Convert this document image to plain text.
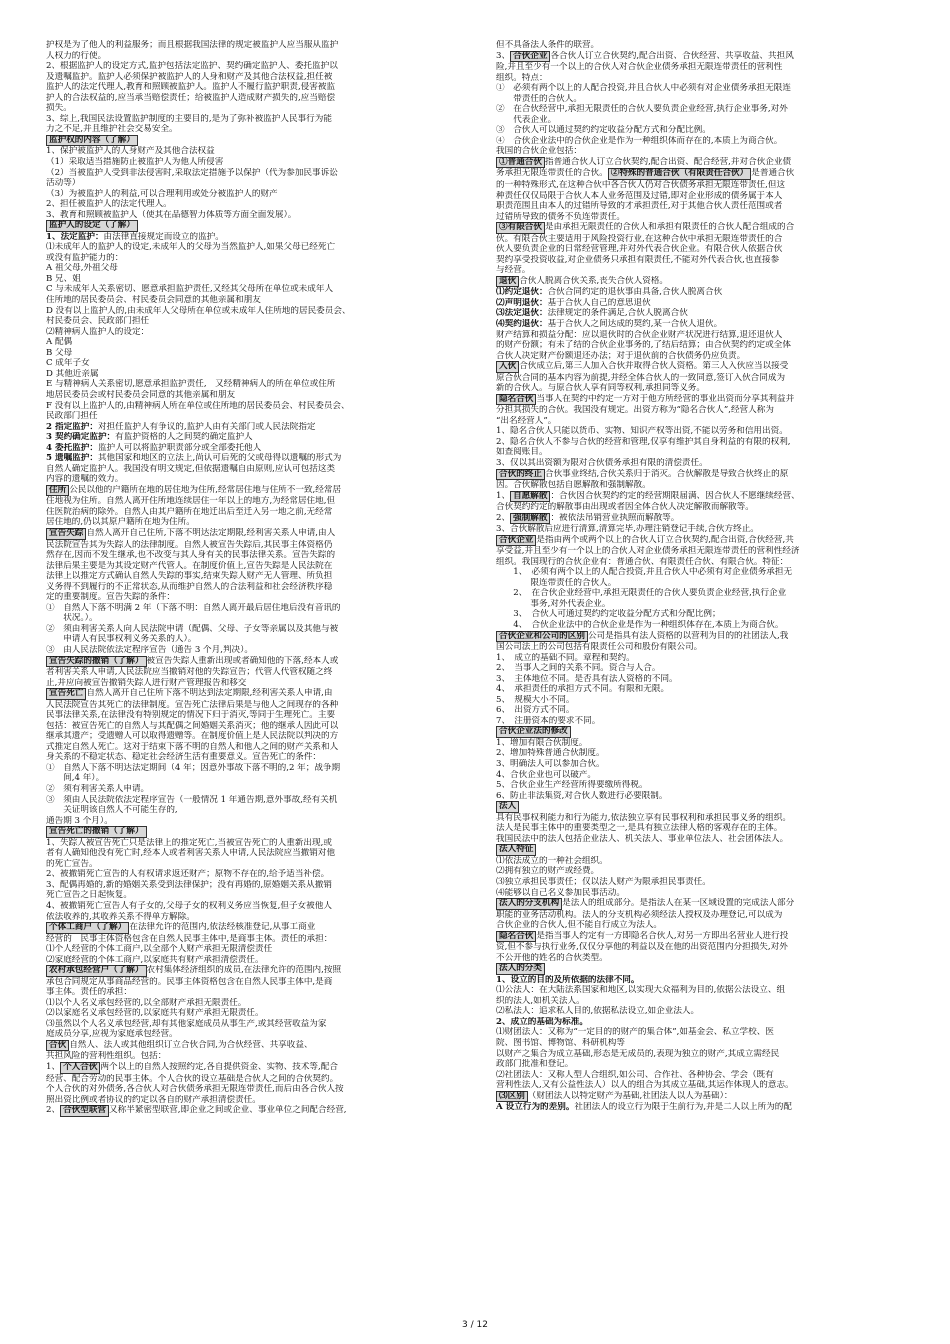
护权是为了他人的利益服务；而且根据我国法律的规定被监护人应当服从监护
人权力的行使。
2、根据监护人的设定方式,监护包括法定监护、契约确定监护人、委托监护以
及遗嘱监护。监护人必须保护被监护人的人身和财产及其他合法权益,担任被
监护人的法定代理人,教育和照顾被监护人。监护人不履行监护职责,侵害被监
护人的合法权益的,应当承当赔偿责任；给被监护人造成财产损失的,应当赔偿
损失。
3、综上,我国民法设置监护制度的主要目的,是为了弥补被监护人民事行为能
力之不足,并且维护社会交易安全。
监护权的内容（了解）
1、保护被监护人的人身财产及其他合法权益
（1）采取适当措施防止被监护人为他人所侵害
（2）当被监护人受到非法侵害时,采取法定措施予以保护（代为参加民事诉讼
活动等）
（3）为被监护人的利益,可以合理利用或处分被监护人的财产
2、担任被监护人的法定代理人。
3、教育和照顾被监护人（使其在品德智力体质等方面全面发展）。
监护人的设定（了解）
1、法定监护：由法律直接规定而设立的监护。
⑴未成年人的监护人的设定,未成年人的父母为当然监护人,如果父母已经死亡
或没有监护能力的：
A 祖父母,外祖父母
B 兄、姐
C 与未成年人关系密切、愿意承担监护责任,又经其父母所在单位或未成年人
住所地的居民委员会、村民委员会同意的其他亲属和朋友
D 没有以上监护人的,由未成年人父母所在单位或未成年人住所地的居民委员会、
村民委员会、民政部门担任
⑵精神病人监护人的设定：
A 配偶
B 父母
C 成年子女
D 其他近亲属
E 与精神病人关系密切,愿意承担监护责任,　又经精神病人的所在单位或住所
地居民委员会或村民委员会同意的其他亲属和朋友
F 没有以上监护人的,由精神病人所在单位或住所地的居民委员会、村民委员会、
民政部门担任
2 指定监护：对担任监护人有争议的,监护人由有关部门或人民法院指定
3 契约确定监护：有监护资格的人之间契约确定监护人
4 委托监护：监护人可以将监护职责部分或全部委托他人
5 遗嘱监护：其他国家和地区的立法上,尚认可后死的父或母得以遗嘱的形式为
自然人确定监护人。我国没有明文规定,但依据遗嘱自由原则,应认可包括这类
内容的遗嘱的效力。
住所 公民以他的户籍所在地的居住地为住所,经常居住地与住所不一致,经常居
住地视为住所。自然人离开住所地连续居住一年以上的地方,为经常居住地,但
住医院治病的除外。自然人由其户籍所在地迁出后至迁入另一地之前,无经常
居住地的,仍以其原户籍所在地为住所。
宣告失踪 自然人离开自己住所,下落不明达法定期限,经利害关系人申请,由人
民法院宣告其为失踪人的法律制度。自然人被宣告失踪后,其民事主体资格仍
然存在,因而不发生继承,也不改变与其人身有关的民事法律关系。宣告失踪的
法律后果主要是为其设定财产代管人。在制度价值上,宣告失踪是人民法院在
法律上以推定方式确认自然人失踪的事实,结束失踪人财产无人管理、所负担
义务得不到履行的不正常状态,从而维护自然人的合法利益和社会经济秩序稳
定的重要制度。宣告失踪的条件：
①　自然人下落不明满 2 年（下落不明：自然人离开最后居住地后没有音讯的
　　状况。）。
②　须由利害关系人向人民法院申请（配偶、父母、子女等亲属以及其他与被
　　申请人有民事权利义务关系的人）。
③　由人民法院依法定程序宣告（通告 3 个月,判决）。
宣告失踪的撤销（了解） 被宣告失踪人重新出现或者确知他的下落,经本人或
者利害关系人申请,人民法院应当撤销对他的失踪宣告；代管人代管权随之终
止,并应向被宣告撤销失踪人进行财产管理报告和移交
宣告死亡 自然人离开自己住所下落不明达到法定期限,经利害关系人申请,由
人民法院宣告其死亡的法律制度。宣告死亡法律后果是与他人之间现存的各种
民事法律关系,在法律没有特别规定的情况下归于消灭,等同于生理死亡。主要
包括：被宣告死亡的自然人与其配偶之间婚姻关系消灭；他的继承人因此可以
继承其遗产；受遗赠人可以取得遗赠等。在制度价值上是人民法院以判决的方
式推定自然人死亡。这对于结束下落不明的自然人和他人之间的财产关系和人
身关系的不稳定状态、稳定社会经济生活有重要意义。宣告死亡的条件：
①　自然人下落不明达法定期间（4 年；因意外事故下落不明的,2 年；战争期
　　间,4 年）。
②　须有利害关系人申请。
③　须由人民法院依法定程序宣告（一般情况 1 年通告期,意外事故,经有关机
　　关证明该自然人不可能生存的,
通告期 3 个月）。
宣告死亡的撤销（了解）
1、失踪人被宣告死亡只是法律上的推定死亡,当被宣告死亡的人重新出现,或
者有人确知他没有死亡时,经本人或者利害关系人申请,人民法院应当撤销对他
的死亡宣告。
2、被撤销死亡宣告的人有权请求返还财产；原物不存在的,给予适当补偿。
3、配偶再婚的,新的婚姻关系受到法律保护；没有再婚的,原婚姻关系从撤销
死亡宣告之日起恢复。
4、被撤销死亡宣告人有子女的,父母子女的权利义务应当恢复,但子女被他人
依法收养的,其收养关系不得单方解除。
个体工商户（了解） 在法律允许的范围内,依法经核准登记,从事工商业
经营的　民事主体资格包含在自然人民事主体中,是商事主体。责任的承担：
⑴个人经营的个体工商户,以全部个人财产承担无限清偿责任
⑵家庭经营的个体工商户,以家庭共有财产承担清偿责任。
农村承包经营户（了解） 农村集体经济组织的成员,在法律允许的范围内,按照
承包合同规定从事商品经营的。民事主体资格包含在自然人民事主体中,是商
事主体。责任的承担：
⑴以个人名义承包经营的,以全部财产承担无限责任。
⑵以家庭名义承包经营的,以家庭共有财产承担无限责任。
⑶虽然以个人名义承包经营,却有其他家庭成员从事生产,或其经营收益为家
庭成员分享,应视为家庭承包经营。
合伙 自然人、法人或其他组织订立合伙合同,为合伙经营、共享收益、
共担风险的营利性组织。包括：
1、 个人合伙 两个以上的自然人按照约定,各自提供资金、实物、技术等,配合
经营、配合劳动的民事主体。个人合伙的设立基础是合伙人之间的合伙契约。
个人合伙的对外债务,各合伙人对合伙债务承担无限连带责任,而后由各合伙人按
照出资比例或者协议的约定以各自的财产承担清偿责任。
2、 合伙型联营 又称半紧密型联营,即企业之间或企业、事业单位之间配合经营,
但不具备法人条件的联营。
3、 合伙企业 各合伙人订立合伙契约,配合出资、合伙经营、共享收益、共担风
险,并且至少有一个以上的合伙人对合伙企业债务承担无限连带责任的营利性
组织。特点：
①　必须有两个以上的人配合投资,并且合伙人中必须有对企业债务承担无限连
　　带责任的合伙人。
②　在合伙经营中,承担无限责任的合伙人要负责企业经营,执行企业事务,对外
　　代表企业。
③　合伙人可以通过契约约定收益分配方式和分配比例。
④　合伙企业法中的合伙企业是作为一种组织体而存在的,本质上为商合伙。
我国的合伙企业包括：
①普通合伙 指普通合伙人订立合伙契约,配合出资、配合经营,并对合伙企业债
务承担无限连带责任的合伙。 ②特殊的普通合伙（有限责任合伙） 是普通合伙
的一种特殊形式,在这种合伙中各合伙人仍对合伙债务承担无限连带责任,但这
种责任仅仅局限于合伙人本人业务范围及过错,即对企业形成的债务属于本人
职责范围且由本人的过错所导致的才承担责任,对于其他合伙人责任范围或者
过错所导致的债务不负连带责任。
③有限合伙 是由承担无限责任的合伙人和承担有限责任的合伙人配合组成的合
伙。有限合伙主要适用于风险投资行业,在这种合伙中承担无限连带责任的合
伙人要负责企业的日常经营管理,并对外代表合伙企业。有限合伙人依据合伙
契约享受投资收益,对企业债务只承担有限责任,不能对外代表合伙,也直接参
与经营。
退伙 合伙人脱离合伙关系,丧失合伙人资格。
⑴约定退伙：合伙合同约定的退伙事由具备,合伙人脱离合伙
⑵声明退伙：基于合伙人自己的意思退伙
⑶法定退伙：法律规定的条件满足,合伙人脱离合伙
⑷契约退伙：基于合伙人之间达成的契约,某一合伙人退伙。
财产结算和损益分配：应以退伙时的合伙企业财产状况进行结算,退还退伙人
的财产份额；有未了结的合伙企业事务的,了结后结算；由合伙契约约定或全体
合伙人决定财产份额退还办法；对于退伙前的合伙债务仍应负责。
入伙 合伙成立后,第三人加入合伙并取得合伙人资格。第三人入伙应当以接受
原合伙合同的基本内容为前提,并经全体合伙人的一致同意,签订入伙合同成为
新的合伙人。与原合伙人享有同等权利,承担同等义务。
隐名合伙 当事人在契约中约定一方对于他方所经营的事业出资而分享其利益并
分担其损失的合伙。我国没有规定。出资方称为“隐名合伙人”,经营人称为
“出名经营人”。
1、隐名合伙人只能以货币、实物、知识产权等出资,不能以劳务和信用出资。
2、隐名合伙人不参与合伙的经营和管理,仅享有维护其自身利益的有限的权利,
如查阅账目。
3、仅以其出资额为限对合伙债务承担有限的清偿责任。
合伙的终止 合伙事业终结,合伙关系归于消灭。合伙解散是导致合伙终止的原
因。合伙解散包括自愿解散和强制解散。
1、 自愿解散 ：合伙因合伙契约约定的经营期限届满、因合伙人不愿继续经营、
合伙契约约定的解散事由出现或者因全体合伙人决定解散而解散等。
2、 强制解散 ：被依法吊销营业执照而解散等。
3、合伙解散后应进行清算,清算完毕,办理注销登记手续,合伙方终止。
合伙企业 是指由两个或两个以上的合伙人订立合伙契约,配合出资,合伙经营,共
享受益,并且至少有一个以上的合伙人对企业债务承担无限连带责任的营利性经济
组织。我国现行的合伙企业有：普通合伙、有限责任合伙、有限合伙。特征：
　　1、　必须有两个以上的人配合投资,并且合伙人中必须有对企业债务承担无
　　　　限连带责任的合伙人。
　　2、　在合伙企业经营中,承担无限责任的合伙人要负责企业经营,执行企业
　　　　事务,对外代表企业。
　　3、　合伙人可通过契约约定收益分配方式和分配比例；
　　4、　合伙企业法中的合伙企业是作为一种组织体存在,本质上为商合伙。
合伙企业和公司的区别 公司是指具有法人资格的以营利为目的的社团法人,我
国公司法上的公司包括有限责任公司和股份有限公司。
1、　成立的基础不同。章程和契约。
2、　当事人之间的关系不同。资合与人合。
3、　主体地位不同。是否具有法人资格的不同。
4、　承担责任的承担方式不同。有限和无限。
5、　规模大小不同。
6、　出资方式不同。
7、　注册资本的要求不同。
合伙企业法的修改
1、增加有限合伙制度。
2、增加特殊普通合伙制度。
3、明确法人可以参加合伙。
4、合伙企业也可以破产。
5、合伙企业生产经营所得要缴所得税。
6、防止非法集资,对合伙人数进行必要限制。
法人
具有民事权利能力和行为能力,依法独立享有民事权利和承担民事义务的组织。
法人是民事主体中的重要类型之一,是具有独立法律人格的客观存在的主体。
我国民法中的法人包括企业法人、机关法人、事业单位法人、社会团体法人。
法人特征
⑴依法成立的一种社会组织。
⑵拥有独立的财产或经费。
⑶独立承担民事责任；仅以法人财产为限承担民事责任。
⑷能够以自己名义参加民事活动。
法人的分支机构 是法人的组成部分。是指法人在某一区域设置的完成法人部分
职能的业务活动机构。法人的分支机构必须经法人授权及办理登记,可以成为
合伙企业的合伙人,但不能自行成立为法人。
隐名合伙 是指当事人约定有一方即隐名合伙人,对另一方即出名营业人进行投
资,但不参与执行业务,仅仅分享他的利益以及在他的出资范围内分担损失,对外
不公开他的姓名的合伙类型。
法人的分类
1、设立的目的及所依据的法律不同。
⑴公法人：在大陆法系国家和地区,以实现大众福利为目的,依据公法设立、组
织的法人,如机关法人。
⑵私法人：追求私人目的,依据私法设立,如企业法人。
2、成立的基础为标准。
⑴财团法人：又称为“一定目的的财产的集合体”,如基金会、私立学校、医
院、图书馆、博物馆、科研机构等
以财产之集合为成立基础,形态是无成员的,表现为独立的财产,其成立需经民
政部门批准和登记。
⑵社团法人：又称人型人合组织,如公司、合作社、各种协会、学会（既有
营利性法人,又有公益性法人）以人的组合为其成立基础,其运作体现人的意志。
⑶区别 （财团法人以特定财产为基础,社团法人以人为基础）：
A 设立行为的差别。社团法人的设立行为限于生前行为,并是二人以上所为的配
3 / 12
